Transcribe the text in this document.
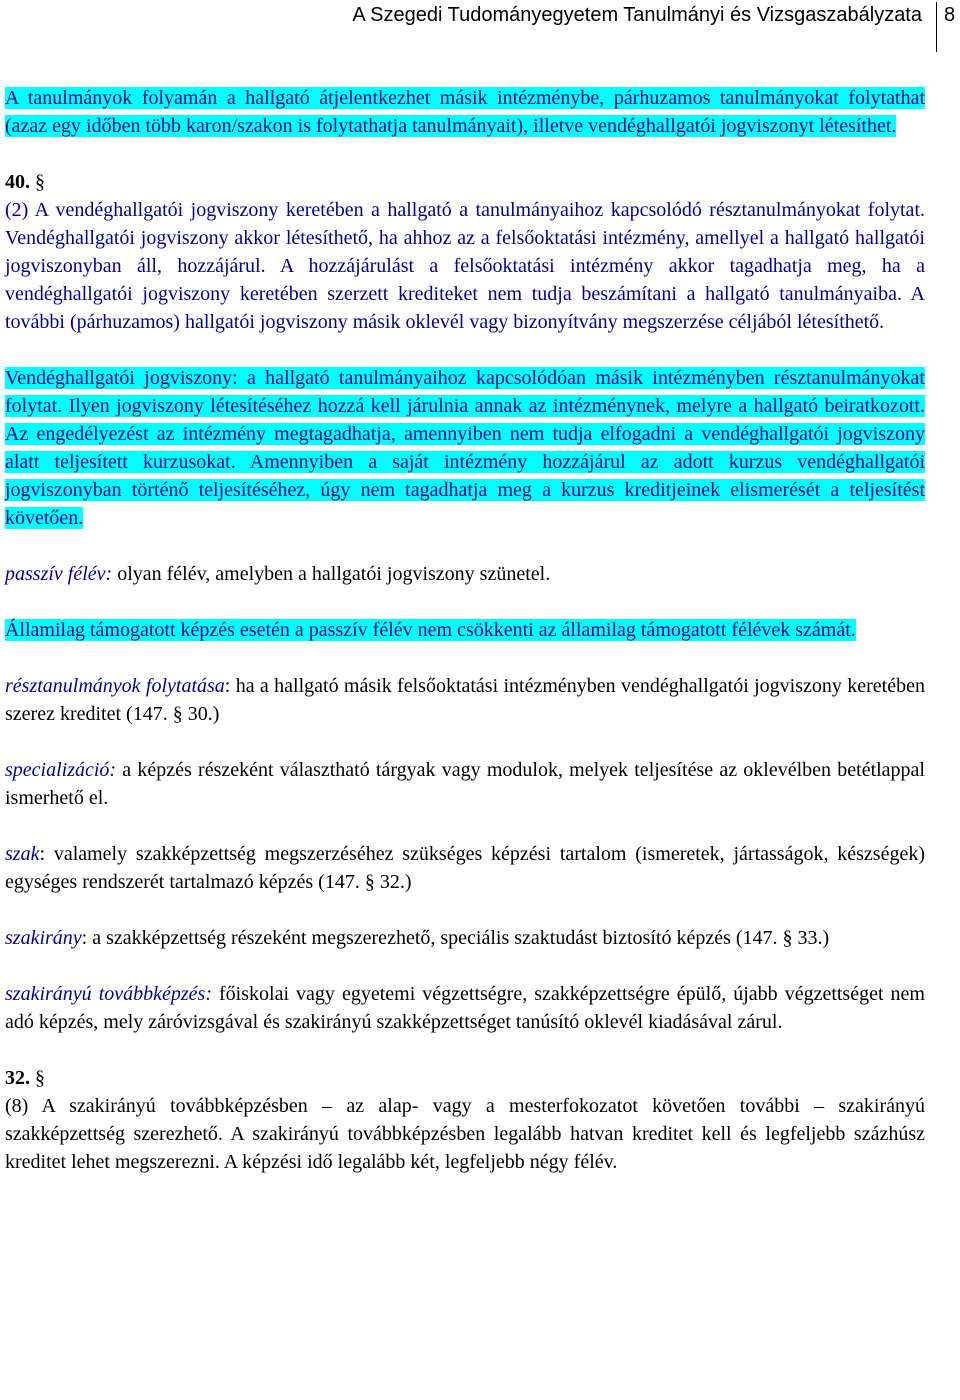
A Szegedi Tudományegyetem Tanulmányi és Vizsgaszabályzata 8

A tanulmányok folyamán a hallgató átjelentkezhet másik intézménybe, párhuzamos tanulmányokat folytathat (azaz egy időben több karon/szakon is folytathatja tanulmányait), illetve vendéghallgatói jogviszonyt létesíthet.

40. §
(2) A vendéghallgatói jogviszony keretében a hallgató a tanulmányaihoz kapcsolódó résztanulmányokat folytat. Vendéghallgatói jogviszony akkor létesíthető, ha ahhoz az a felsőoktatási intézmény, amellyel a hallgató hallgatói jogviszonyban áll, hozzájárul. A hozzájárulást a felsőoktatási intézmény akkor tagadhatja meg, ha a vendéghallgatói jogviszony keretében szerzett krediteket nem tudja beszámítani a hallgató tanulmányaiba. A további (párhuzamos) hallgatói jogviszony másik oklevél vagy bizonyítvány megszerzése céljából létesíthető.

Vendéghallgatói jogviszony: a hallgató tanulmányaihoz kapcsolódóan másik intézményben résztanulmányokat folytat. Ilyen jogviszony létesítéséhez hozzá kell járulnia annak az intézménynek, melyre a hallgató beiratkozott. Az engedélyezést az intézmény megtagadhatja, amennyiben nem tudja elfogadni a vendéghallgatói jogviszony alatt teljesített kurzusokat. Amennyiben a saját intézmény hozzájárul az adott kurzus vendéghallgatói jogviszonyban történő teljesítéséhez, úgy nem tagadhatja meg a kurzus kreditjeinek elismerését a teljesítést követően.

passzív félév: olyan félév, amelyben a hallgatói jogviszony szünetel.

Államilag támogatott képzés esetén a passzív félév nem csökkenti az államilag támogatott félévek számát.

résztanulmányok folytatása: ha a hallgató másik felsőoktatási intézményben vendéghallgatói jogviszony keretében szerez kreditet (147. § 30.)

specializáció: a képzés részeként választható tárgyak vagy modulok, melyek teljesítése az oklevélben betétlappal ismerhető el.

szak: valamely szakképzettség megszerzéséhez szükséges képzési tartalom (ismeretek, jártasságok, készségek) egységes rendszerét tartalmazó képzés (147. § 32.)

szakirány: a szakképzettség részeként megszerezhető, speciális szaktudást biztosító képzés (147. § 33.)

szakirányú továbbképzés: főiskolai vagy egyetemi végzettségre, szakképzettségre épülő, újabb végzettséget nem adó képzés, mely záróvizsgával és szakirányú szakképzettséget tanúsító oklevél kiadásával zárul.

32. §
(8) A szakirányú továbbképzésben – az alap- vagy a mesterfokozatot követően további – szakirányú szakképzettség szerezhető. A szakirányú továbbképzésben legalább hatvan kreditet kell és legfeljebb százhúsz kreditet lehet megszerezni. A képzési idő legalább két, legfeljebb négy félév.
